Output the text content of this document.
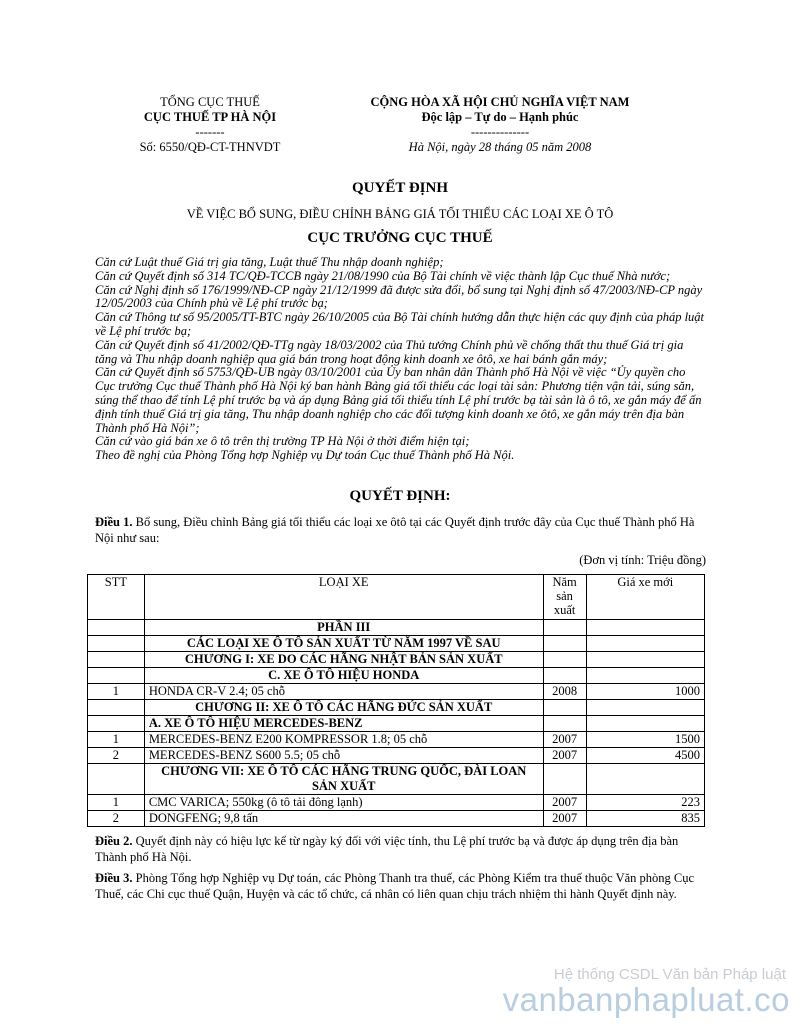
TỔNG CỤC THUẾ
CỤC THUẾ TP HÀ NỘI
-------
Số: 6550/QĐ-CT-THNVDT
CỘNG HÒA XÃ HỘI CHỦ NGHĨA VIỆT NAM
Độc lập – Tự do – Hạnh phúc
--------------
Hà Nội, ngày 28 tháng 05 năm 2008
QUYẾT ĐỊNH
VỀ VIỆC BỔ SUNG, ĐIỀU CHỈNH BẢNG GIÁ TỐI THIỂU CÁC LOẠI XE Ô TÔ
CỤC TRƯỞNG CỤC THUẾ

Căn cứ Luật thuế Giá trị gia tăng, Luật thuế Thu nhập doanh nghiệp;

Căn cứ Quyết định số 314 TC/QĐ-TCCB ngày 21/08/1990 của Bộ Tài chính về việc thành lập Cục thuế Nhà nước;

Căn cứ Nghị định số 176/1999/NĐ-CP ngày 21/12/1999 đã được sửa đổi, bổ sung tại Nghị định số 47/2003/NĐ-CP ngày 12/05/2003 của Chính phủ về Lệ phí trước bạ;

Căn cứ Thông tư số 95/2005/TT-BTC ngày 26/10/2005 của Bộ Tài chính hướng dẫn thực hiện các quy định của pháp luật về Lệ phí trước bạ;

Căn cứ Quyết định số 41/2002/QĐ-TTg ngày 18/03/2002 của Thủ tướng Chính phủ về chống thất thu thuế Giá trị gia tăng và Thu nhập doanh nghiệp qua giá bán trong hoạt động kinh doanh xe ôtô, xe hai bánh gắn máy;

Căn cứ Quyết định số 5753/QĐ-UB ngày 03/10/2001 của Ủy ban nhân dân Thành phố Hà Nội về việc “Ủy quyền cho Cục trưởng Cục thuế Thành phố Hà Nội ký ban hành Bảng giá tối thiểu các loại tài sản: Phương tiện vận tải, súng săn, súng thể thao để tính Lệ phí trước bạ và áp dụng Bảng giá tối thiểu tính Lệ phí trước bạ tài sản là ô tô, xe gắn máy để ấn định tính thuế Giá trị gia tăng, Thu nhập doanh nghiệp cho các đối tượng kinh doanh xe ôtô, xe gắn máy trên địa bàn Thành phố Hà Nội”;

Căn cứ vào giá bán xe ô tô trên thị trường TP Hà Nội ở thời điểm hiện tại;

Theo đề nghị của Phòng Tổng hợp Nghiệp vụ Dự toán Cục thuế Thành phố Hà Nội.

QUYẾT ĐỊNH:

Điều 1. Bổ sung, Điều chỉnh Bảng giá tối thiểu các loại xe ôtô tại các Quyết định trước đây của Cục thuế Thành phố Hà Nội như sau:

(Đơn vị tính: Triệu đồng)
STT	LOẠI XE	Năm sản xuất	Giá xe mới
	PHẦN III		
	CÁC LOẠI XE Ô TÔ SẢN XUẤT TỪ NĂM 1997 VỀ SAU		
	CHƯƠNG I: XE DO CÁC HÃNG NHẬT BẢN SẢN XUẤT		
	C. XE Ô TÔ HIỆU HONDA		
1	HONDA CR-V 2.4; 05 chỗ	2008	1000
	CHƯƠNG II: XE Ô TÔ CÁC HÃNG ĐỨC SẢN XUẤT		
	A. XE Ô TÔ HIỆU MERCEDES-BENZ		
1	MERCEDES-BENZ E200 KOMPRESSOR 1.8; 05 chỗ	2007	1500
2	MERCEDES-BENZ S600 5.5; 05 chỗ	2007	4500
	CHƯƠNG VII: XE Ô TÔ CÁC HÃNG TRUNG QUỐC, ĐÀI LOAN SẢN XUẤT		
1	CMC VARICA; 550kg (ô tô tải đông lạnh)	2007	223
2	DONGFENG; 9,8 tấn	2007	835

Điều 2. Quyết định này có hiệu lực kể từ ngày ký đối với việc tính, thu Lệ phí trước bạ và được áp dụng trên địa bàn Thành phố Hà Nội.

Điều 3. Phòng Tổng hợp Nghiệp vụ Dự toán, các Phòng Thanh tra thuế, các Phòng Kiểm tra thuế thuộc Văn phòng Cục Thuế, các Chi cục thuế Quận, Huyện và các tổ chức, cá nhân có liên quan chịu trách nhiệm thi hành Quyết định này.

Hệ thống CSDL Văn bản Pháp luật
vanbanphapluat.co
